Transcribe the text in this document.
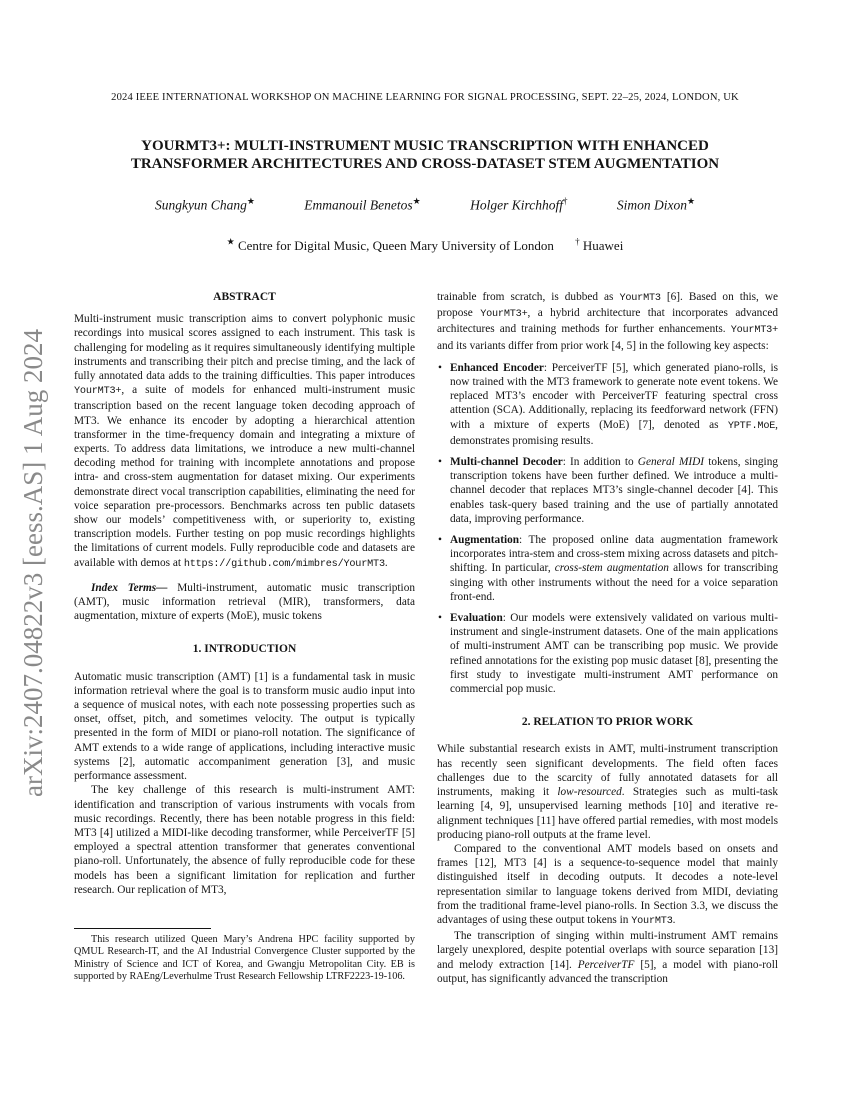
2024 IEEE INTERNATIONAL WORKSHOP ON MACHINE LEARNING FOR SIGNAL PROCESSING, SEPT. 22–25, 2024, LONDON, UK
arXiv:2407.04822v3 [eess.AS] 1 Aug 2024
YOURMT3+: MULTI-INSTRUMENT MUSIC TRANSCRIPTION WITH ENHANCED
TRANSFORMER ARCHITECTURES AND CROSS-DATASET STEM AUGMENTATION
Sungkyun Chang★	Emmanouil Benetos★	Holger Kirchhoff†	Simon Dixon★
★ Centre for Digital Music, Queen Mary University of London † Huawei
ABSTRACT

Multi-instrument music transcription aims to convert polyphonic music recordings into musical scores assigned to each instrument. This task is challenging for modeling as it requires simultaneously identifying multiple instruments and transcribing their pitch and precise timing, and the lack of fully annotated data adds to the training difficulties. This paper introduces YourMT3+, a suite of models for enhanced multi-instrument music transcription based on the recent language token decoding approach of MT3. We enhance its encoder by adopting a hierarchical attention transformer in the time-frequency domain and integrating a mixture of experts. To address data limitations, we introduce a new multi-channel decoding method for training with incomplete annotations and propose intra- and cross-stem augmentation for dataset mixing. Our experiments demonstrate direct vocal transcription capabilities, eliminating the need for voice separation pre-processors. Benchmarks across ten public datasets show our models’ competitiveness with, or superiority to, existing transcription models. Further testing on pop music recordings highlights the limitations of current models. Fully reproducible code and datasets are available with demos at https://github.com/mimbres/YourMT3.

Index Terms— Multi-instrument, automatic music transcription (AMT), music information retrieval (MIR), transformers, data augmentation, mixture of experts (MoE), music tokens

1. INTRODUCTION

Automatic music transcription (AMT) [1] is a fundamental task in music information retrieval where the goal is to transform music audio input into a sequence of musical notes, with each note possessing properties such as onset, offset, pitch, and sometimes velocity. The output is typically presented in the form of MIDI or piano-roll notation. The significance of AMT extends to a wide range of applications, including interactive music systems [2], automatic accompaniment generation [3], and music performance assessment.

The key challenge of this research is multi-instrument AMT: identification and transcription of various instruments with vocals from music recordings. Recently, there has been notable progress in this field: MT3 [4] utilized a MIDI-like decoding transformer, while PerceiverTF [5] employed a spectral attention transformer that generates conventional piano-roll. Unfortunately, the absence of fully reproducible code for these models has been a significant limitation for replication and further research. Our replication of MT3,

This research utilized Queen Mary’s Andrena HPC facility supported by QMUL Research-IT, and the AI Industrial Convergence Cluster supported by the Ministry of Science and ICT of Korea, and Gwangju Metropolitan City. EB is supported by RAEng/Leverhulme Trust Research Fellowship LTRF2223-19-106.

trainable from scratch, is dubbed as YourMT3 [6]. Based on this, we propose YourMT3+, a hybrid architecture that incorporates advanced architectures and training methods for further enhancements. YourMT3+ and its variants differ from prior work [4, 5] in the following key aspects:

• Enhanced Encoder: PerceiverTF [5], which generated piano-rolls, is now trained with the MT3 framework to generate note event tokens. We replaced MT3’s encoder with PerceiverTF featuring spectral cross attention (SCA). Additionally, replacing its feedforward network (FFN) with a mixture of experts (MoE) [7], denoted as YPTF.MoE, demonstrates promising results.
• Multi-channel Decoder: In addition to General MIDI tokens, singing transcription tokens have been further defined. We introduce a multi-channel decoder that replaces MT3’s single-channel decoder [4]. This enables task-query based training and the use of partially annotated data, improving performance.
• Augmentation: The proposed online data augmentation framework incorporates intra-stem and cross-stem mixing across datasets and pitch-shifting. In particular, cross-stem augmentation allows for transcribing singing with other instruments without the need for a voice separation front-end.
• Evaluation: Our models were extensively validated on various multi-instrument and single-instrument datasets. One of the main applications of multi-instrument AMT can be transcribing pop music. We provide refined annotations for the existing pop music dataset [8], presenting the first study to investigate multi-instrument AMT performance on commercial pop music.
2. RELATION TO PRIOR WORK

While substantial research exists in AMT, multi-instrument transcription has recently seen significant developments. The field often faces challenges due to the scarcity of fully annotated datasets for all instruments, making it low-resourced. Strategies such as multi-task learning [4, 9], unsupervised learning methods [10] and iterative re-alignment techniques [11] have offered partial remedies, with most models producing piano-roll outputs at the frame level.

Compared to the conventional AMT models based on onsets and frames [12], MT3 [4] is a sequence-to-sequence model that mainly distinguished itself in decoding outputs. It decodes a note-level representation similar to language tokens derived from MIDI, deviating from the traditional frame-level piano-rolls. In Section 3.3, we discuss the advantages of using these output tokens in YourMT3.

The transcription of singing within multi-instrument AMT remains largely unexplored, despite potential overlaps with source separation [13] and melody extraction [14]. PerceiverTF [5], a model with piano-roll output, has significantly advanced the transcription
